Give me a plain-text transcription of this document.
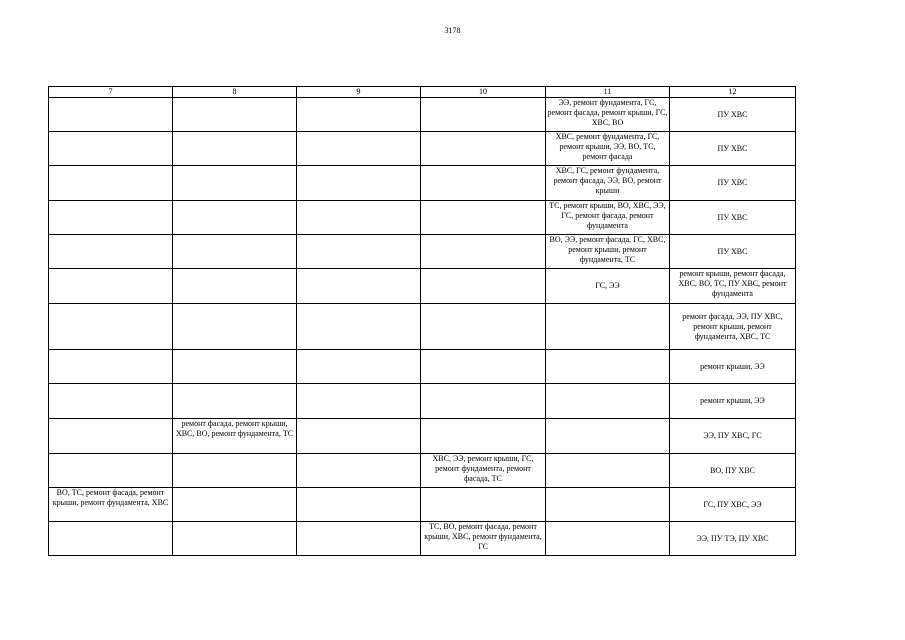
3178
7	8	9	10	11	12
				ЭЭ, ремонт фундамента, ГС, ремонт фасада, ремонт крыши, ГС, ХВС, ВО	ПУ ХВС
				ХВС, ремонт фундамента, ГС, ремонт крыши, ЭЭ, ВО, ТС, ремонт фасада	ПУ ХВС
				ХВС, ГС, ремонт фундамента, ремонт фасада, ЭЭ, ВО, ремонт крыши	ПУ ХВС
				ТС, ремонт крыши, ВО, ХВС, ЭЭ, ГС, ремонт фасада, ремонт фундамента	ПУ ХВС
				ВО, ЭЭ, ремонт фасада, ГС, ХВС, ремонт крыши, ремонт фундамента, ТС	ПУ ХВС
				ГС, ЭЭ	ремонт крыши, ремонт фасада, ХВС, ВО, ТС, ПУ ХВС, ремонт фундамента
					ремонт фасада, ЭЭ, ПУ ХВС, ремонт крыши, ремонт фундамента, ХВС, ТС
					ремонт крыши, ЭЭ
					ремонт крыши, ЭЭ
	ремонт фасада, ремонт крыши, ХВС, ВО, ремонт фундамента, ТС				ЭЭ, ПУ ХВС, ГС
			ХВС, ЭЭ, ремонт крыши, ГС, ремонт фундамента, ремонт фасада, ТС		ВО, ПУ ХВС
ВО, ТС, ремонт фасада, ремонт крыши, ремонт фундамента, ХВС					ГС, ПУ ХВС, ЭЭ
			ТС, ВО, ремонт фасада, ремонт крыши, ХВС, ремонт фундамента, ГС		ЭЭ, ПУ ТЭ, ПУ ХВС
